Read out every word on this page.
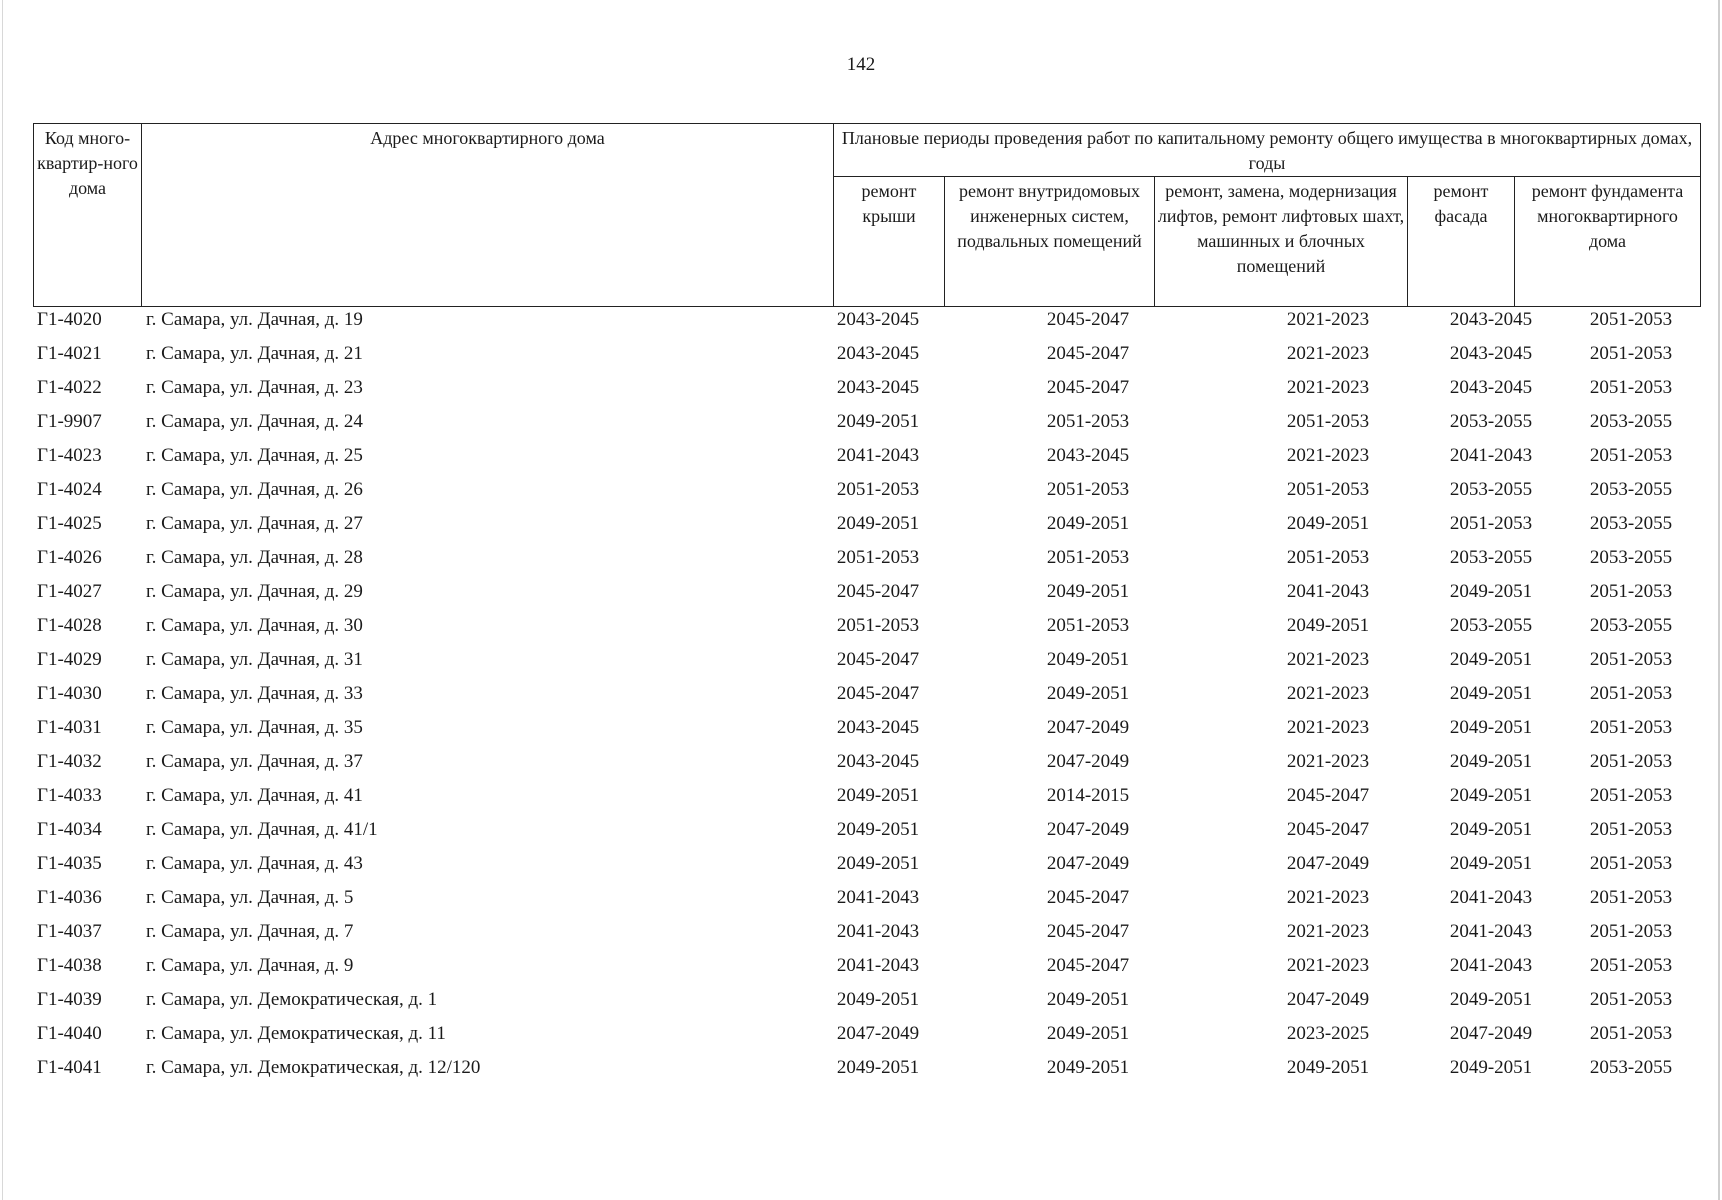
142
Код много-квартир-ного дома	Адрес многоквартирного дома	Плановые периоды проведения работ по капитальному ремонту общего имущества в многоквартирных домах, годы				
		ремонт крыши	ремонт внутридомовых инженерных систем, подвальных помещений	ремонт, замена, модернизация лифтов, ремонт лифтовых шахт, машинных и блочных помещений	ремонт фасада	ремонт фундамента многоквартирного дома
Г1-4020 г. Самара, ул. Дачная, д. 19	2043-2045	2045-2047	2021-2023	2043-2045	2051-2053
Г1-4021 г. Самара, ул. Дачная, д. 21	2043-2045	2045-2047	2021-2023	2043-2045	2051-2053
Г1-4022 г. Самара, ул. Дачная, д. 23	2043-2045	2045-2047	2021-2023	2043-2045	2051-2053
Г1-9907 г. Самара, ул. Дачная, д. 24	2049-2051	2051-2053	2051-2053	2053-2055	2053-2055
Г1-4023 г. Самара, ул. Дачная, д. 25	2041-2043	2043-2045	2021-2023	2041-2043	2051-2053
Г1-4024 г. Самара, ул. Дачная, д. 26	2051-2053	2051-2053	2051-2053	2053-2055	2053-2055
Г1-4025 г. Самара, ул. Дачная, д. 27	2049-2051	2049-2051	2049-2051	2051-2053	2053-2055
Г1-4026 г. Самара, ул. Дачная, д. 28	2051-2053	2051-2053	2051-2053	2053-2055	2053-2055
Г1-4027 г. Самара, ул. Дачная, д. 29	2045-2047	2049-2051	2041-2043	2049-2051	2051-2053
Г1-4028 г. Самара, ул. Дачная, д. 30	2051-2053	2051-2053	2049-2051	2053-2055	2053-2055
Г1-4029 г. Самара, ул. Дачная, д. 31	2045-2047	2049-2051	2021-2023	2049-2051	2051-2053
Г1-4030 г. Самара, ул. Дачная, д. 33	2045-2047	2049-2051	2021-2023	2049-2051	2051-2053
Г1-4031 г. Самара, ул. Дачная, д. 35	2043-2045	2047-2049	2021-2023	2049-2051	2051-2053
Г1-4032 г. Самара, ул. Дачная, д. 37	2043-2045	2047-2049	2021-2023	2049-2051	2051-2053
Г1-4033 г. Самара, ул. Дачная, д. 41	2049-2051	2014-2015	2045-2047	2049-2051	2051-2053
Г1-4034 г. Самара, ул. Дачная, д. 41/1	2049-2051	2047-2049	2045-2047	2049-2051	2051-2053
Г1-4035 г. Самара, ул. Дачная, д. 43	2049-2051	2047-2049	2047-2049	2049-2051	2051-2053
Г1-4036 г. Самара, ул. Дачная, д. 5	2041-2043	2045-2047	2021-2023	2041-2043	2051-2053
Г1-4037 г. Самара, ул. Дачная, д. 7	2041-2043	2045-2047	2021-2023	2041-2043	2051-2053
Г1-4038 г. Самара, ул. Дачная, д. 9	2041-2043	2045-2047	2021-2023	2041-2043	2051-2053
Г1-4039 г. Самара, ул. Демократическая, д. 1	2049-2051	2049-2051	2047-2049	2049-2051	2051-2053
Г1-4040 г. Самара, ул. Демократическая, д. 11	2047-2049	2049-2051	2023-2025	2047-2049	2051-2053
Г1-4041 г. Самара, ул. Демократическая, д. 12/120	2049-2051	2049-2051	2049-2051	2049-2051	2053-2055
